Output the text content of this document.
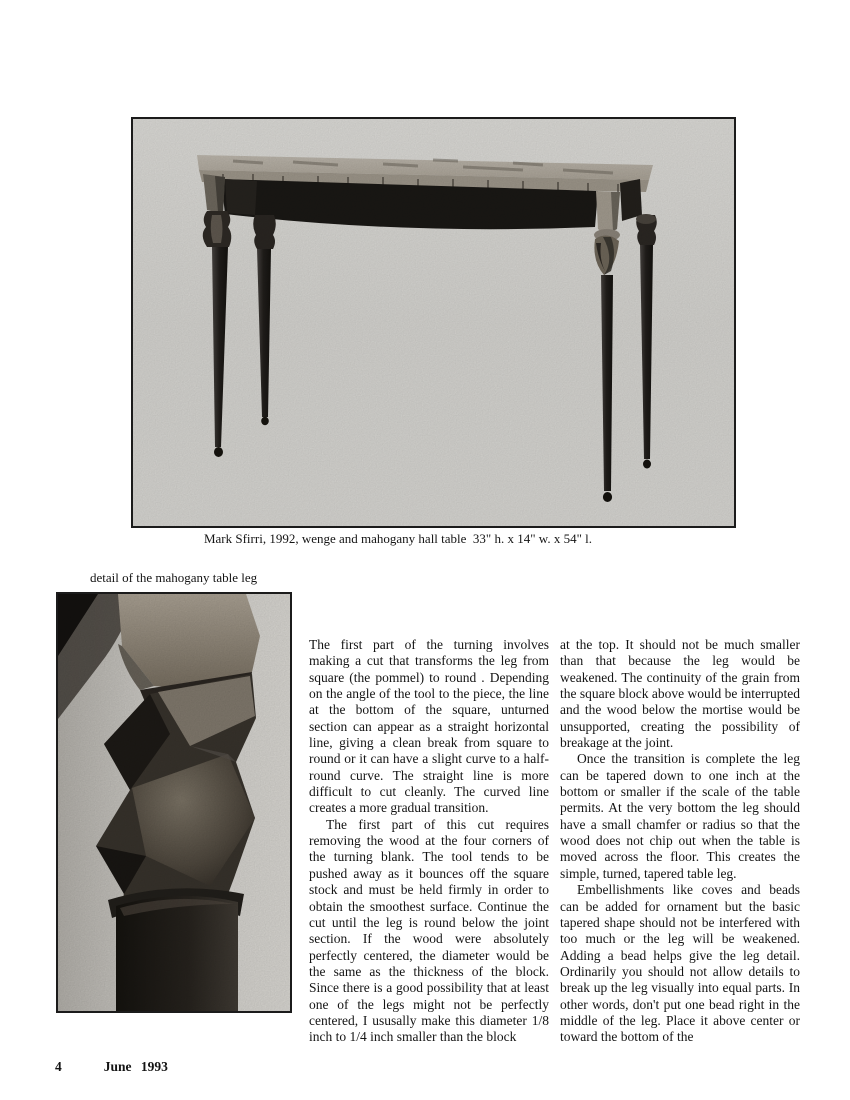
Mark Sfirri, 1992, wenge and mahogany hall table  33" h. x 14" w. x 54" l.
detail of the mahogany table leg

The first part of the turning involves making a cut that transforms the leg from square (the pommel) to round . Depending on the angle of the tool to the piece, the line at the bottom of the square, unturned section can appear as a straight horizontal line, giving a clean break from square to round or it can have a slight curve to a half-round curve. The straight line is more difficult to cut cleanly. The curved line creates a more gradual transition.

The first part of this cut requires removing the wood at the four corners of the turning blank. The tool tends to be pushed away as it bounces off the square stock and must be held firmly in order to obtain the smoothest surface. Continue the cut until the leg is round below the joint section. If the wood were absolutely perfectly centered, the diameter would be the same as the thickness of the block. Since there is a good possibility that at least one of the legs might not be perfectly centered, I ususally make this diameter 1/8 inch to 1/4 inch smaller than the block

at the top. It should not be much smaller than that because the leg would be weakened. The continuity of the grain from the square block above would be interrupted and the wood below the mortise would be unsupported, creating the possibility of breakage at the joint.

Once the transition is complete the leg can be tapered down to one inch at the bottom or smaller if the scale of the table permits. At the very bottom the leg should have a small chamfer or radius so that the wood does not chip out when the table is moved across the floor. This creates the simple, turned, tapered table leg.

Embellishments like coves and beads can be added for ornament but the basic tapered shape should not be interfered with too much or the leg will be weakened. Adding a bead helps give the leg detail. Ordinarily you should not allow details to break up the leg visually into equal parts. In other words, don't put one bead right in the middle of the leg. Place it above center or toward the bottom of the

4	June 1993
